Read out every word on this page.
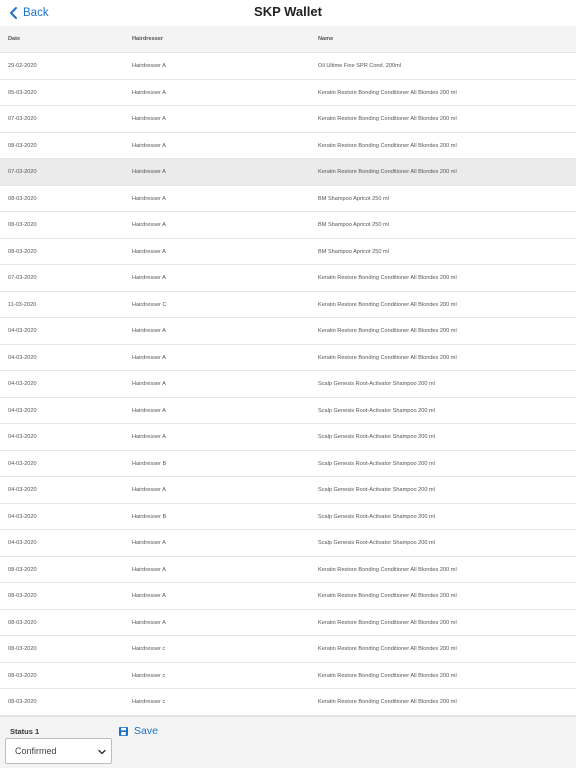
Back	SKP Wallet
Date	Hairdresser	Name
29-02-2020	Hairdresser A	Oil Ultime Fine SPR Cond. 200ml
05-03-2020	Hairdresser A	Keratin Restore Bonding Conditioner All Blondes 200 ml
07-03-2020	Hairdresser A	Keratin Restore Bonding Conditioner All Blondes 200 ml
08-03-2020	Hairdresser A	Keratin Restore Bonding Conditioner All Blondes 200 ml
07-03-2020	Hairdresser A	Keratin Restore Bonding Conditioner All Blondes 200 ml
08-03-2020	Hairdresser A	BM Shampoo Apricot 250 ml
08-03-2020	Hairdresser A	BM Shampoo Apricot 250 ml
08-03-2020	Hairdresser A	BM Shampoo Apricot 250 ml
07-03-2020	Hairdresser A	Keratin Restore Bonding Conditioner All Blondes 200 ml
11-03-2020	Hairdresser C	Keratin Restore Bonding Conditioner All Blondes 200 ml
04-03-2020	Hairdresser A	Keratin Restore Bonding Conditioner All Blondes 200 ml
04-03-2020	Hairdresser A	Keratin Restore Bonding Conditioner All Blondes 200 ml
04-03-2020	Hairdresser A	Scalp Genesis Root-Activator Shampoo 200 ml
04-03-2020	Hairdresser A	Scalp Genesis Root-Activator Shampoo 200 ml
04-03-2020	Hairdresser A	Scalp Genesis Root-Activator Shampoo 200 ml
04-03-2020	Hairdresser B	Scalp Genesis Root-Activator Shampoo 200 ml
04-03-2020	Hairdresser A	Scalp Genesis Root-Activator Shampoo 200 ml
04-03-2020	Hairdresser B	Scalp Genesis Root-Activator Shampoo 200 ml
04-03-2020	Hairdresser A	Scalp Genesis Root-Activator Shampoo 200 ml
08-03-2020	Hairdresser A	Keratin Restore Bonding Conditioner All Blondes 200 ml
08-03-2020	Hairdresser A	Keratin Restore Bonding Conditioner All Blondes 200 ml
08-03-2020	Hairdresser A	Keratin Restore Bonding Conditioner All Blondes 200 ml
08-03-2020	Hairdresser c	Keratin Restore Bonding Conditioner All Blondes 200 ml
08-03-2020	Hairdresser c	Keratin Restore Bonding Conditioner All Blondes 200 ml
08-03-2020	Hairdresser c	Keratin Restore Bonding Conditioner All Blondes 200 ml
Status 1
Confirmed
Save
